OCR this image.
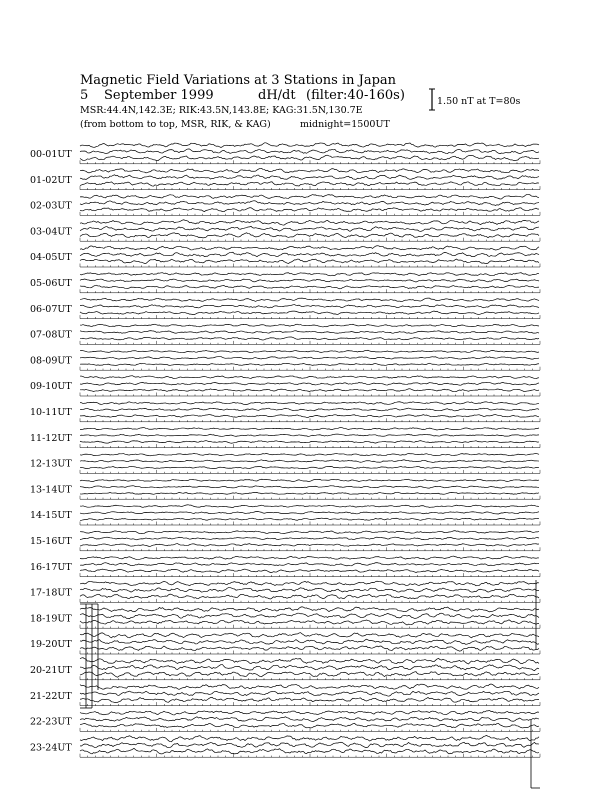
Magnetic Field Variations at 3 Stations in Japan
5 September 1999	dH/dt (filter:40-160s)
MSR:44.4N,142.3E; RIK:43.5N,143.8E; KAG:31.5N,130.7E
(from bottom to top, MSR, RIK, & KAG)	midnight=1500UT
1.50 nT at T=80s
00-01UT
01-02UT
02-03UT
03-04UT
04-05UT
05-06UT
06-07UT
07-08UT
08-09UT
09-10UT
10-11UT
11-12UT
12-13UT
13-14UT
14-15UT
15-16UT
16-17UT
17-18UT
18-19UT
19-20UT
20-21UT
21-22UT
22-23UT
23-24UT
